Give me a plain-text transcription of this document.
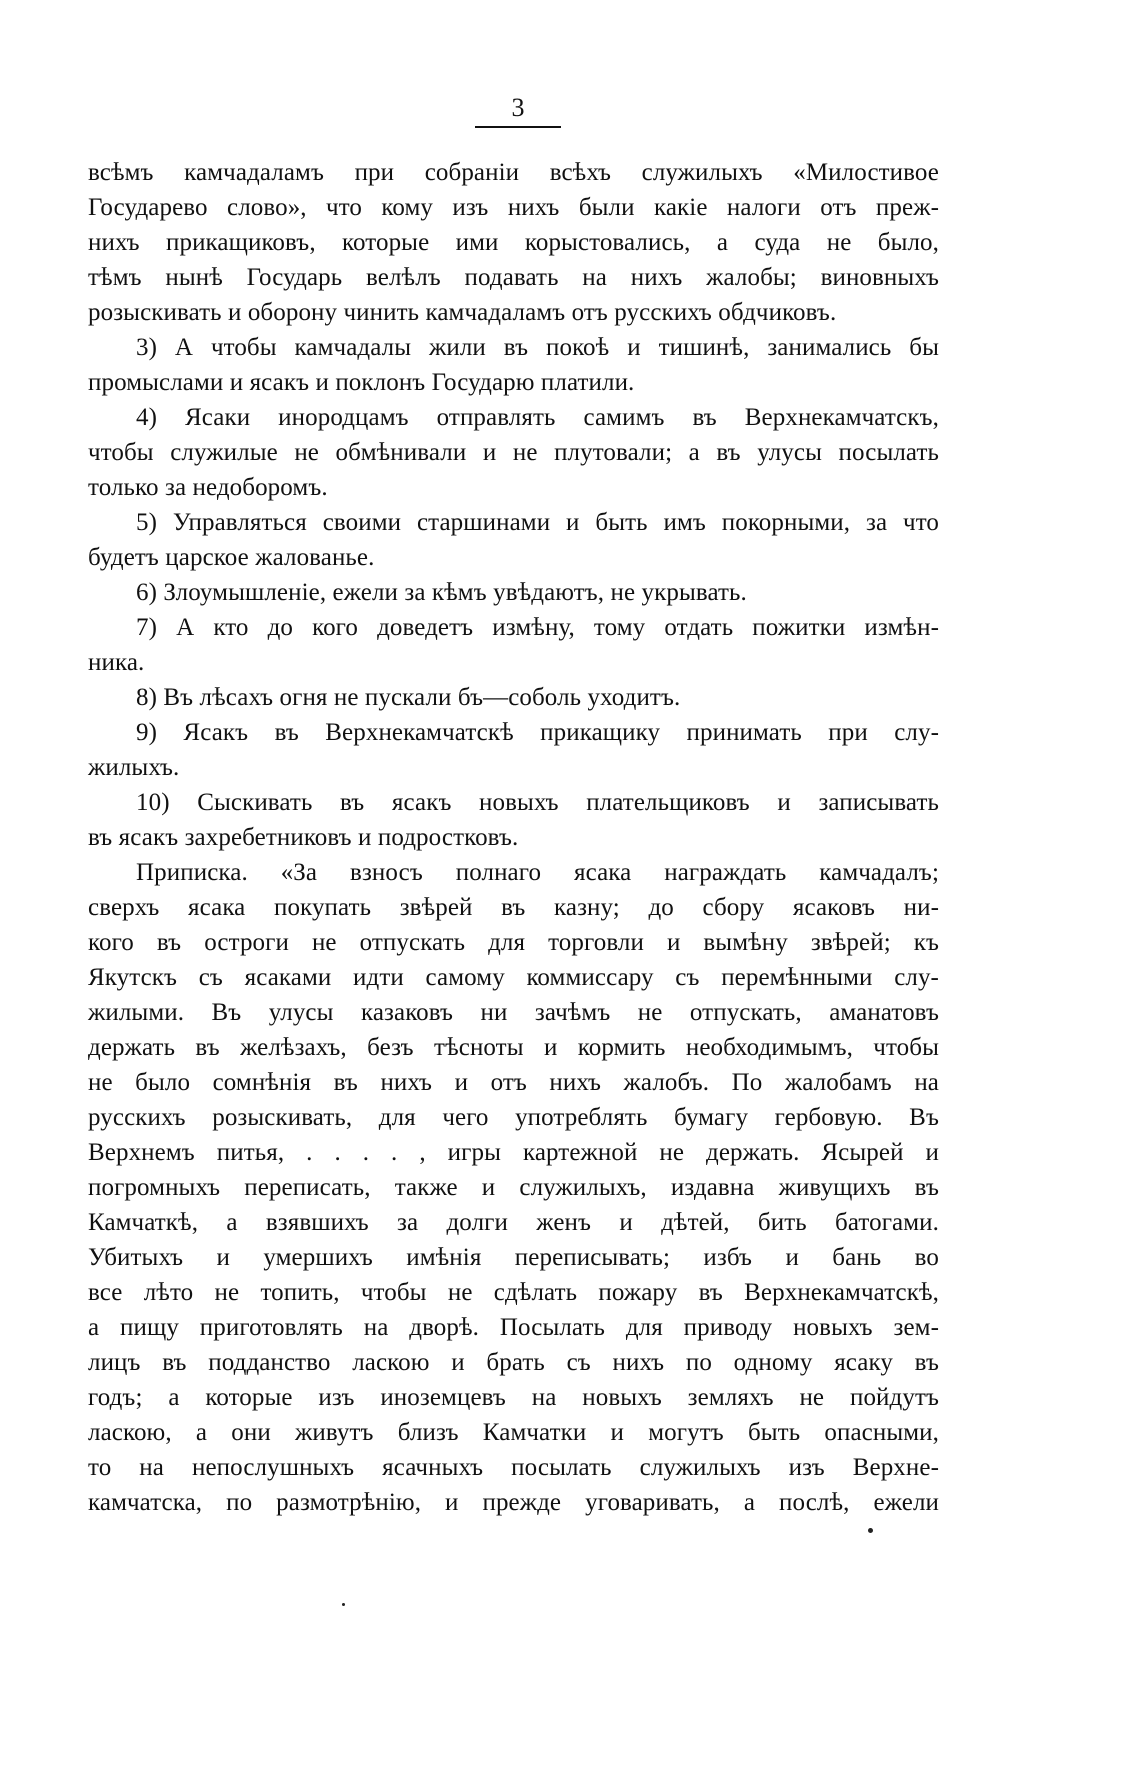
3
всѣмъ камчадаламъ при собраніи всѣхъ служилыхъ «Милостивое
Государево слово», что кому изъ нихъ были какіе налоги отъ преж-
нихъ прикащиковъ, которые ими корыстовались, а суда не было,
тѣмъ нынѣ Государь велѣлъ подавать на нихъ жалобы; виновныхъ
розыскивать и оборону чинить камчадаламъ отъ русскихъ обдчиковъ.
3) А чтобы камчадалы жили въ покоѣ и тишинѣ, занимались бы
промыслами и ясакъ и поклонъ Государю платили.
4) Ясаки инородцамъ отправлять самимъ въ Верхнекамчатскъ,
чтобы служилые не обмѣнивали и не плутовали; а въ улусы посылать
только за недоборомъ.
5) Управляться своими старшинами и быть имъ покорными, за что
будетъ царское жалованье.
6) Злоумышленіе, ежели за кѣмъ увѣдаютъ, не укрывать.
7) А кто до кого доведетъ измѣну, тому отдать пожитки измѣн-
ника.
8) Въ лѣсахъ огня не пускали бъ—соболь уходитъ.
9) Ясакъ въ Верхнекамчатскѣ прикащику принимать при слу-
жилыхъ.
10) Сыскивать въ ясакъ новыхъ плательщиковъ и записывать
въ ясакъ захребетниковъ и подростковъ.
Приписка. «За взносъ полнаго ясака награждать камчадалъ;
сверхъ ясака покупать звѣрей въ казну; до сбору ясаковъ ни-
кого въ остроги не отпускать для торговли и вымѣну звѣрей; къ
Якутскъ съ ясаками идти самому коммиссару съ перемѣнными слу-
жилыми. Въ улусы казаковъ ни зачѣмъ не отпускать, аманатовъ
держать въ желѣзахъ, безъ тѣсноты и кормить необходимымъ, чтобы
не было сомнѣнія въ нихъ и отъ нихъ жалобъ. По жалобамъ на
русскихъ розыскивать, для чего употреблять бумагу гербовую. Въ
Верхнемъ питья, . . . . , игры картежной не держать. Ясырей и
погромныхъ переписать, также и служилыхъ, издавна живущихъ въ
Камчаткѣ, а взявшихъ за долги женъ и дѣтей, бить батогами.
Убитыхъ и умершихъ имѣнія переписывать; избъ и бань во
все лѣто не топить, чтобы не сдѣлать пожару въ Верхнекамчатскѣ,
а пищу приготовлять на дворѣ. Посылать для приводу новыхъ зем-
лицъ въ подданство ласкою и брать съ нихъ по одному ясаку въ
годъ; а которые изъ иноземцевъ на новыхъ земляхъ не пойдутъ
ласкою, а они живутъ близъ Камчатки и могутъ быть опасными,
то на непослушныхъ ясачныхъ посылать служилыхъ изъ Верхне-
камчатска, по размотрѣнію, и прежде уговаривать, а послѣ, ежели
